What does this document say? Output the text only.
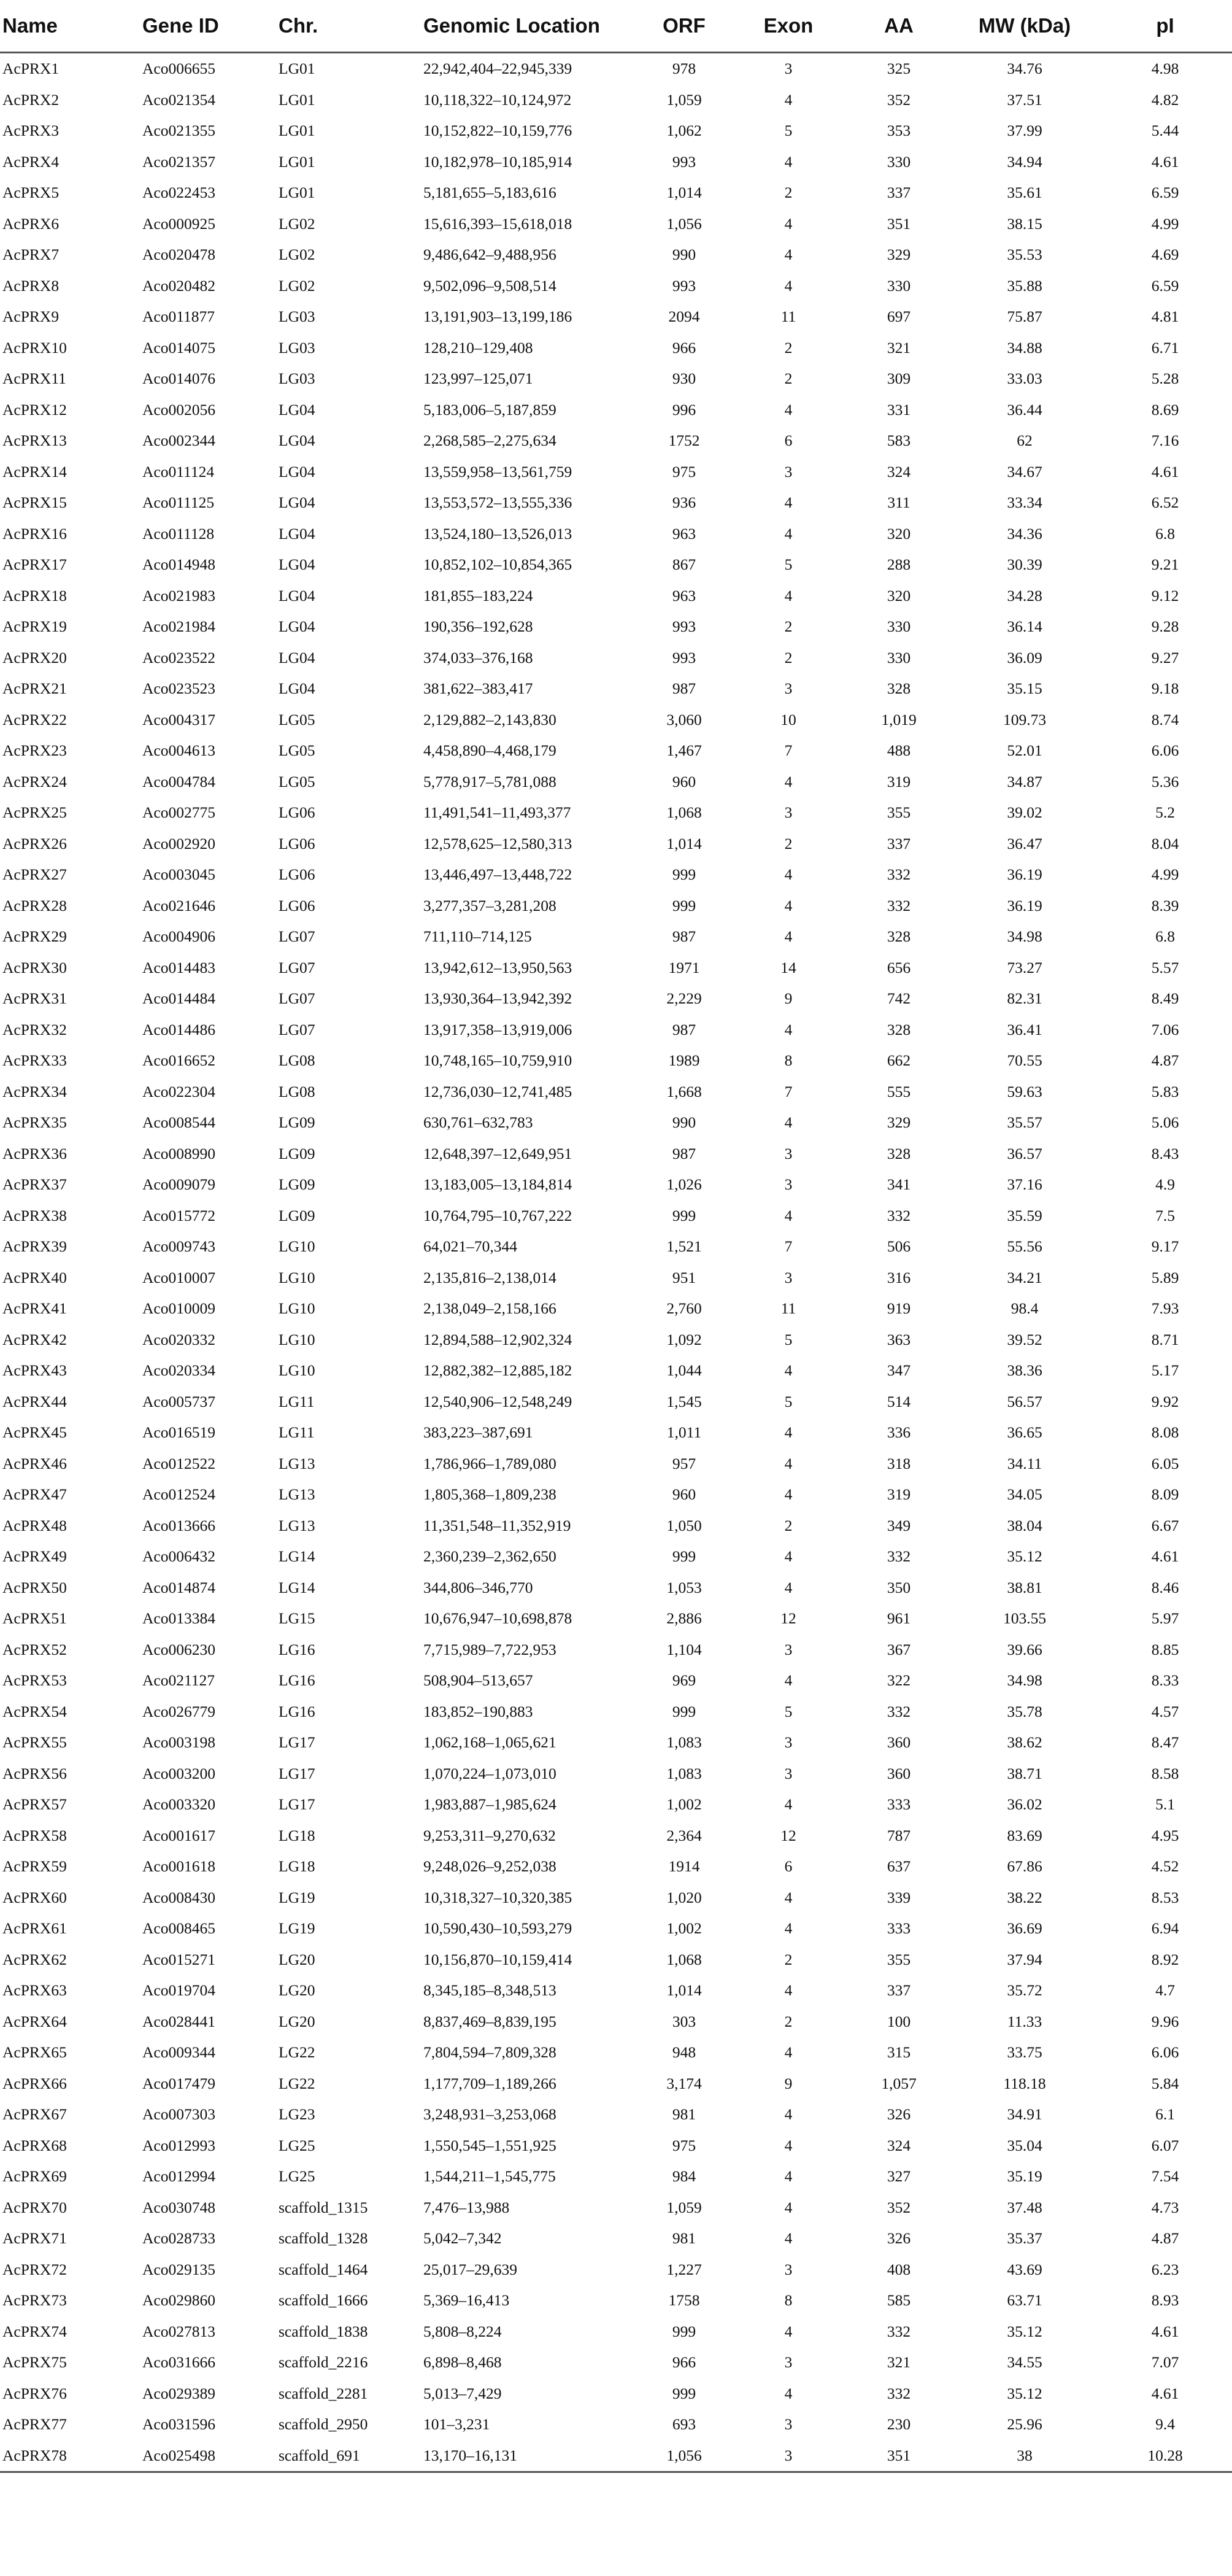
Name	Gene ID	Chr.	Genomic Location	ORF	Exon	AA	MW (kDa)	pI
AcPRX1	Aco006655	LG01	22,942,404–22,945,339	978	3	325	34.76	4.98
AcPRX2	Aco021354	LG01	10,118,322–10,124,972	1,059	4	352	37.51	4.82
AcPRX3	Aco021355	LG01	10,152,822–10,159,776	1,062	5	353	37.99	5.44
AcPRX4	Aco021357	LG01	10,182,978–10,185,914	993	4	330	34.94	4.61
AcPRX5	Aco022453	LG01	5,181,655–5,183,616	1,014	2	337	35.61	6.59
AcPRX6	Aco000925	LG02	15,616,393–15,618,018	1,056	4	351	38.15	4.99
AcPRX7	Aco020478	LG02	9,486,642–9,488,956	990	4	329	35.53	4.69
AcPRX8	Aco020482	LG02	9,502,096–9,508,514	993	4	330	35.88	6.59
AcPRX9	Aco011877	LG03	13,191,903–13,199,186	2094	11	697	75.87	4.81
AcPRX10	Aco014075	LG03	128,210–129,408	966	2	321	34.88	6.71
AcPRX11	Aco014076	LG03	123,997–125,071	930	2	309	33.03	5.28
AcPRX12	Aco002056	LG04	5,183,006–5,187,859	996	4	331	36.44	8.69
AcPRX13	Aco002344	LG04	2,268,585–2,275,634	1752	6	583	62	7.16
AcPRX14	Aco011124	LG04	13,559,958–13,561,759	975	3	324	34.67	4.61
AcPRX15	Aco011125	LG04	13,553,572–13,555,336	936	4	311	33.34	6.52
AcPRX16	Aco011128	LG04	13,524,180–13,526,013	963	4	320	34.36	6.8
AcPRX17	Aco014948	LG04	10,852,102–10,854,365	867	5	288	30.39	9.21
AcPRX18	Aco021983	LG04	181,855–183,224	963	4	320	34.28	9.12
AcPRX19	Aco021984	LG04	190,356–192,628	993	2	330	36.14	9.28
AcPRX20	Aco023522	LG04	374,033–376,168	993	2	330	36.09	9.27
AcPRX21	Aco023523	LG04	381,622–383,417	987	3	328	35.15	9.18
AcPRX22	Aco004317	LG05	2,129,882–2,143,830	3,060	10	1,019	109.73	8.74
AcPRX23	Aco004613	LG05	4,458,890–4,468,179	1,467	7	488	52.01	6.06
AcPRX24	Aco004784	LG05	5,778,917–5,781,088	960	4	319	34.87	5.36
AcPRX25	Aco002775	LG06	11,491,541–11,493,377	1,068	3	355	39.02	5.2
AcPRX26	Aco002920	LG06	12,578,625–12,580,313	1,014	2	337	36.47	8.04
AcPRX27	Aco003045	LG06	13,446,497–13,448,722	999	4	332	36.19	4.99
AcPRX28	Aco021646	LG06	3,277,357–3,281,208	999	4	332	36.19	8.39
AcPRX29	Aco004906	LG07	711,110–714,125	987	4	328	34.98	6.8
AcPRX30	Aco014483	LG07	13,942,612–13,950,563	1971	14	656	73.27	5.57
AcPRX31	Aco014484	LG07	13,930,364–13,942,392	2,229	9	742	82.31	8.49
AcPRX32	Aco014486	LG07	13,917,358–13,919,006	987	4	328	36.41	7.06
AcPRX33	Aco016652	LG08	10,748,165–10,759,910	1989	8	662	70.55	4.87
AcPRX34	Aco022304	LG08	12,736,030–12,741,485	1,668	7	555	59.63	5.83
AcPRX35	Aco008544	LG09	630,761–632,783	990	4	329	35.57	5.06
AcPRX36	Aco008990	LG09	12,648,397–12,649,951	987	3	328	36.57	8.43
AcPRX37	Aco009079	LG09	13,183,005–13,184,814	1,026	3	341	37.16	4.9
AcPRX38	Aco015772	LG09	10,764,795–10,767,222	999	4	332	35.59	7.5
AcPRX39	Aco009743	LG10	64,021–70,344	1,521	7	506	55.56	9.17
AcPRX40	Aco010007	LG10	2,135,816–2,138,014	951	3	316	34.21	5.89
AcPRX41	Aco010009	LG10	2,138,049–2,158,166	2,760	11	919	98.4	7.93
AcPRX42	Aco020332	LG10	12,894,588–12,902,324	1,092	5	363	39.52	8.71
AcPRX43	Aco020334	LG10	12,882,382–12,885,182	1,044	4	347	38.36	5.17
AcPRX44	Aco005737	LG11	12,540,906–12,548,249	1,545	5	514	56.57	9.92
AcPRX45	Aco016519	LG11	383,223–387,691	1,011	4	336	36.65	8.08
AcPRX46	Aco012522	LG13	1,786,966–1,789,080	957	4	318	34.11	6.05
AcPRX47	Aco012524	LG13	1,805,368–1,809,238	960	4	319	34.05	8.09
AcPRX48	Aco013666	LG13	11,351,548–11,352,919	1,050	2	349	38.04	6.67
AcPRX49	Aco006432	LG14	2,360,239–2,362,650	999	4	332	35.12	4.61
AcPRX50	Aco014874	LG14	344,806–346,770	1,053	4	350	38.81	8.46
AcPRX51	Aco013384	LG15	10,676,947–10,698,878	2,886	12	961	103.55	5.97
AcPRX52	Aco006230	LG16	7,715,989–7,722,953	1,104	3	367	39.66	8.85
AcPRX53	Aco021127	LG16	508,904–513,657	969	4	322	34.98	8.33
AcPRX54	Aco026779	LG16	183,852–190,883	999	5	332	35.78	4.57
AcPRX55	Aco003198	LG17	1,062,168–1,065,621	1,083	3	360	38.62	8.47
AcPRX56	Aco003200	LG17	1,070,224–1,073,010	1,083	3	360	38.71	8.58
AcPRX57	Aco003320	LG17	1,983,887–1,985,624	1,002	4	333	36.02	5.1
AcPRX58	Aco001617	LG18	9,253,311–9,270,632	2,364	12	787	83.69	4.95
AcPRX59	Aco001618	LG18	9,248,026–9,252,038	1914	6	637	67.86	4.52
AcPRX60	Aco008430	LG19	10,318,327–10,320,385	1,020	4	339	38.22	8.53
AcPRX61	Aco008465	LG19	10,590,430–10,593,279	1,002	4	333	36.69	6.94
AcPRX62	Aco015271	LG20	10,156,870–10,159,414	1,068	2	355	37.94	8.92
AcPRX63	Aco019704	LG20	8,345,185–8,348,513	1,014	4	337	35.72	4.7
AcPRX64	Aco028441	LG20	8,837,469–8,839,195	303	2	100	11.33	9.96
AcPRX65	Aco009344	LG22	7,804,594–7,809,328	948	4	315	33.75	6.06
AcPRX66	Aco017479	LG22	1,177,709–1,189,266	3,174	9	1,057	118.18	5.84
AcPRX67	Aco007303	LG23	3,248,931–3,253,068	981	4	326	34.91	6.1
AcPRX68	Aco012993	LG25	1,550,545–1,551,925	975	4	324	35.04	6.07
AcPRX69	Aco012994	LG25	1,544,211–1,545,775	984	4	327	35.19	7.54
AcPRX70	Aco030748	scaffold_1315	7,476–13,988	1,059	4	352	37.48	4.73
AcPRX71	Aco028733	scaffold_1328	5,042–7,342	981	4	326	35.37	4.87
AcPRX72	Aco029135	scaffold_1464	25,017–29,639	1,227	3	408	43.69	6.23
AcPRX73	Aco029860	scaffold_1666	5,369–16,413	1758	8	585	63.71	8.93
AcPRX74	Aco027813	scaffold_1838	5,808–8,224	999	4	332	35.12	4.61
AcPRX75	Aco031666	scaffold_2216	6,898–8,468	966	3	321	34.55	7.07
AcPRX76	Aco029389	scaffold_2281	5,013–7,429	999	4	332	35.12	4.61
AcPRX77	Aco031596	scaffold_2950	101–3,231	693	3	230	25.96	9.4
AcPRX78	Aco025498	scaffold_691	13,170–16,131	1,056	3	351	38	10.28
